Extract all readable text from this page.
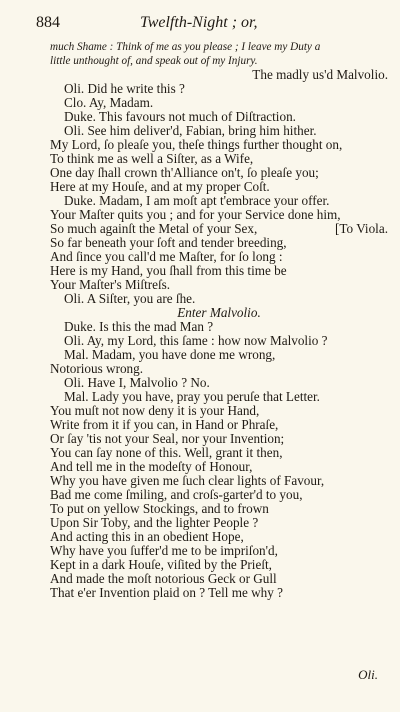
884	Twelfth-Night ; or,
much Shame : Think of me as you please ; I leave my Duty a
little unthought of, and speak out of my Injury.
The madly us'd Malvolio.
Oli. Did he write this ?
Clo. Ay, Madam.
Duke. This favours not much of Diſtraction.
Oli. See him deliver'd, Fabian, bring him hither.
My Lord, ſo pleaſe you, theſe things further thought on,
To think me as well a Siſter, as a Wife,
One day ſhall crown th'Alliance on't, ſo pleaſe you;
Here at my Houſe, and at my proper Coſt.
Duke. Madam, I am moſt apt t'embrace your offer.
Your Maſter quits you ; and for your Service done him,
So much againſt the Metal of your Sex,	[To Viola.
So far beneath your ſoft and tender breeding,
And ſince you call'd me Maſter, for ſo long :
Here is my Hand, you ſhall from this time be
Your Maſter's Miſtreſs.
Oli. A Siſter, you are ſhe.
Enter Malvolio.
Duke. Is this the mad Man ?
Oli. Ay, my Lord, this ſame : how now Malvolio ?
Mal. Madam, you have done me wrong,
Notorious wrong.
Oli. Have I, Malvolio ? No.
Mal. Lady you have, pray you peruſe that Letter.
You muſt not now deny it is your Hand,
Write from it if you can, in Hand or Phraſe,
Or ſay 'tis not your Seal, nor your Invention;
You can ſay none of this. Well, grant it then,
And tell me in the modeſty of Honour,
Why you have given me ſuch clear lights of Favour,
Bad me come ſmiling, and croſs-garter'd to you,
To put on yellow Stockings, and to frown
Upon Sir Toby, and the lighter People ?
And acting this in an obedient Hope,
Why have you ſuffer'd me to be impriſon'd,
Kept in a dark Houſe, viſited by the Prieſt,
And made the moſt notorious Geck or Gull
That e'er Invention plaid on ? Tell me why ?
Oli.
